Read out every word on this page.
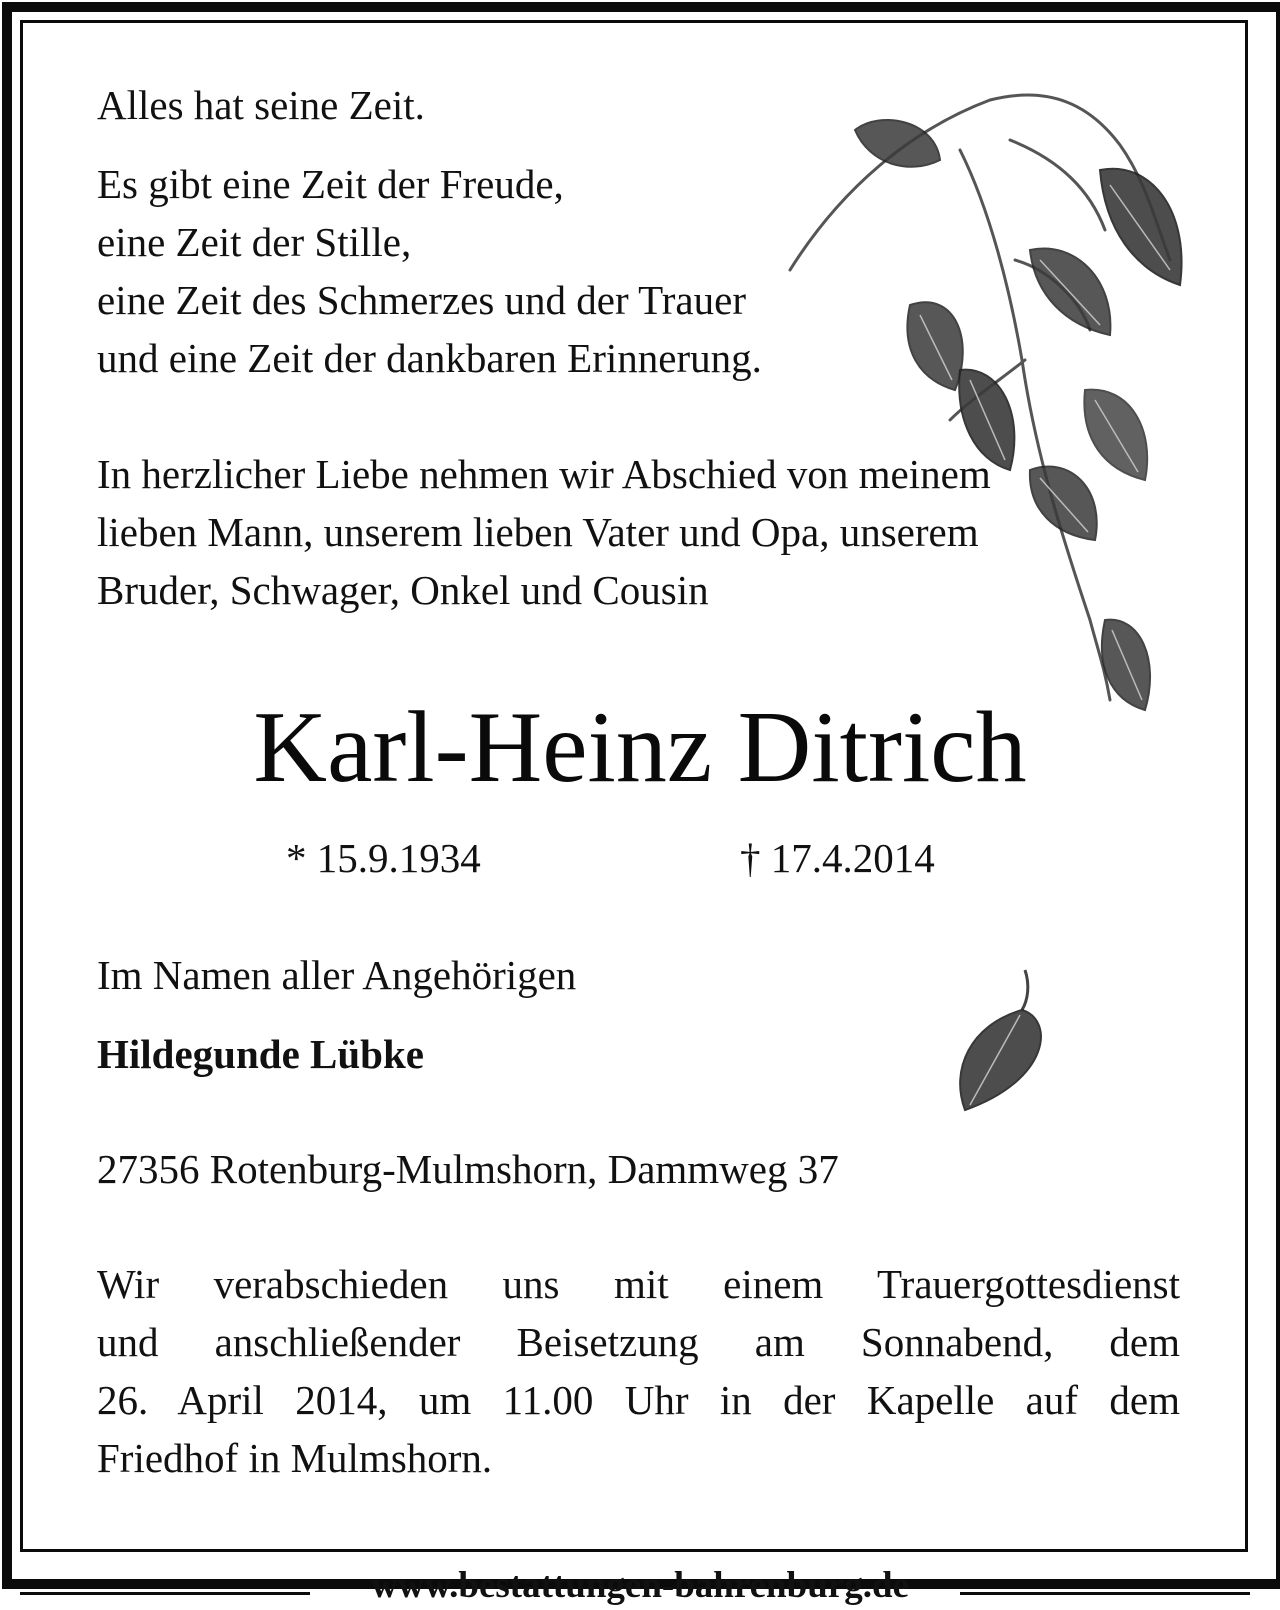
Alles hat seine Zeit.

Es gibt eine Zeit der Freude,
eine Zeit der Stille,
eine Zeit des Schmerzes und der Trauer
und eine Zeit der dankbaren Erinnerung.
In herzlicher Liebe nehmen wir Abschied von meinem
lieben Mann, unserem lieben Vater und Opa, unserem
Bruder, Schwager, Onkel und Cousin
Karl-Heinz Ditrich

* 15.9.1934	† 17.4.2014

Im Namen aller Angehörigen

Hildegunde Lübke

27356 Rotenburg-Mulmshorn, Dammweg 37

Wir verabschieden uns mit einem Trauergottesdienst
und anschließender Beisetzung am Sonnabend, dem
26. April 2014, um 11.00 Uhr in der Kapelle auf dem
Friedhof in Mulmshorn.
www.bestattungen-bahrenburg.de
